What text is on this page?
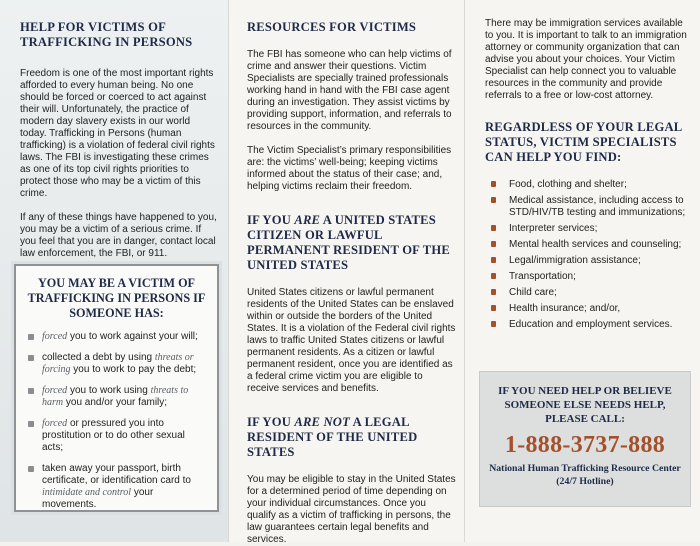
HELP FOR VICTIMS OF TRAFFICKING IN PERSONS

Freedom is one of the most important rights afforded to every human being. No one should be forced or coerced to act against their will. Unfortunately, the practice of modern day slavery exists in our world today. Trafficking in Persons (human trafficking) is a violation of federal civil rights laws. The FBI is investigating these crimes as one of its top civil rights priorities to protect those who may be a victim of this crime.

If any of these things have happened to you, you may be a victim of a serious crime. If you feel that you are in danger, contact local law enforcement, the FBI, or 911.

YOU MAY BE A VICTIM OF TRAFFICKING IN PERSONS IF SOMEONE HAS:
forced you to work against your will;
collected a debt by using threats or forcing you to work to pay the debt;
forced you to work using threats to harm you and/or your family;
forced or pressured you into prostitution or to do other sexual acts;
taken away your passport, birth certificate, or identification card to intimidate and control your movements.
RESOURCES FOR VICTIMS

The FBI has someone who can help victims of crime and answer their questions. Victim Specialists are specially trained professionals working hand in hand with the FBI case agent during an investigation. They assist victims by providing support, information, and referrals to resources in the community.

The Victim Specialist’s primary responsibilities are: the victims’ well-being; keeping victims informed about the status of their case; and, helping victims reclaim their freedom.

IF YOU ARE A UNITED STATES CITIZEN OR LAWFUL PERMANENT RESIDENT OF THE UNITED STATES

United States citizens or lawful permanent residents of the United States can be enslaved within or outside the borders of the United States. It is a violation of the Federal civil rights laws to traffic United States citizens or lawful permanent residents. As a citizen or lawful permanent resident, once you are identified as a federal crime victim you are eligible to receive services and benefits.

IF YOU ARE NOT A LEGAL RESIDENT OF THE UNITED STATES

You may be eligible to stay in the United States for a determined period of time depending on your individual circumstances. Once you qualify as a victim of trafficking in persons, the law guarantees certain legal benefits and services.

There may be immigration services available to you. It is important to talk to an immigration attorney or community organization that can advise you about your choices. Your Victim Specialist can help connect you to valuable resources in the community and provide referrals to a free or low-cost attorney.

REGARDLESS OF YOUR LEGAL STATUS, VICTIM SPECIALISTS CAN HELP YOU FIND:
Food, clothing and shelter;
Medical assistance, including access to STD/HIV/TB testing and immunizations;
Interpreter services;
Mental health services and counseling;
Legal/immigration assistance;
Transportation;
Child care;
Health insurance; and/or,
Education and employment services.
IF YOU NEED HELP OR BELIEVE SOMEONE ELSE NEEDS HELP, PLEASE CALL:
1-888-3737-888
National Human Trafficking Resource Center
(24/7 Hotline)
